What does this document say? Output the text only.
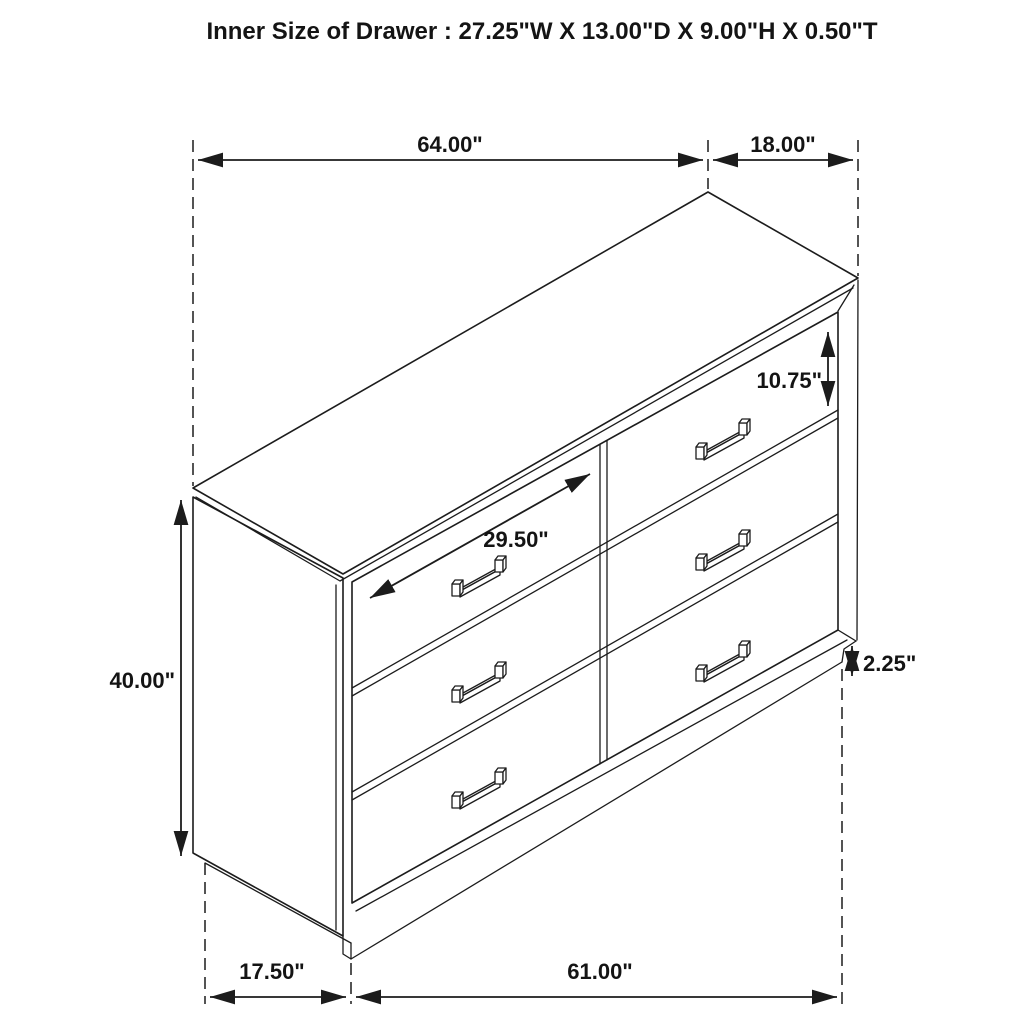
64.00"	18.00"
40.00"
10.75"
29.50"
2.25"
17.50"	61.00"
Inner Size of Drawer : 27.25"W X 13.00"D X 9.00"H X 0.50"T
